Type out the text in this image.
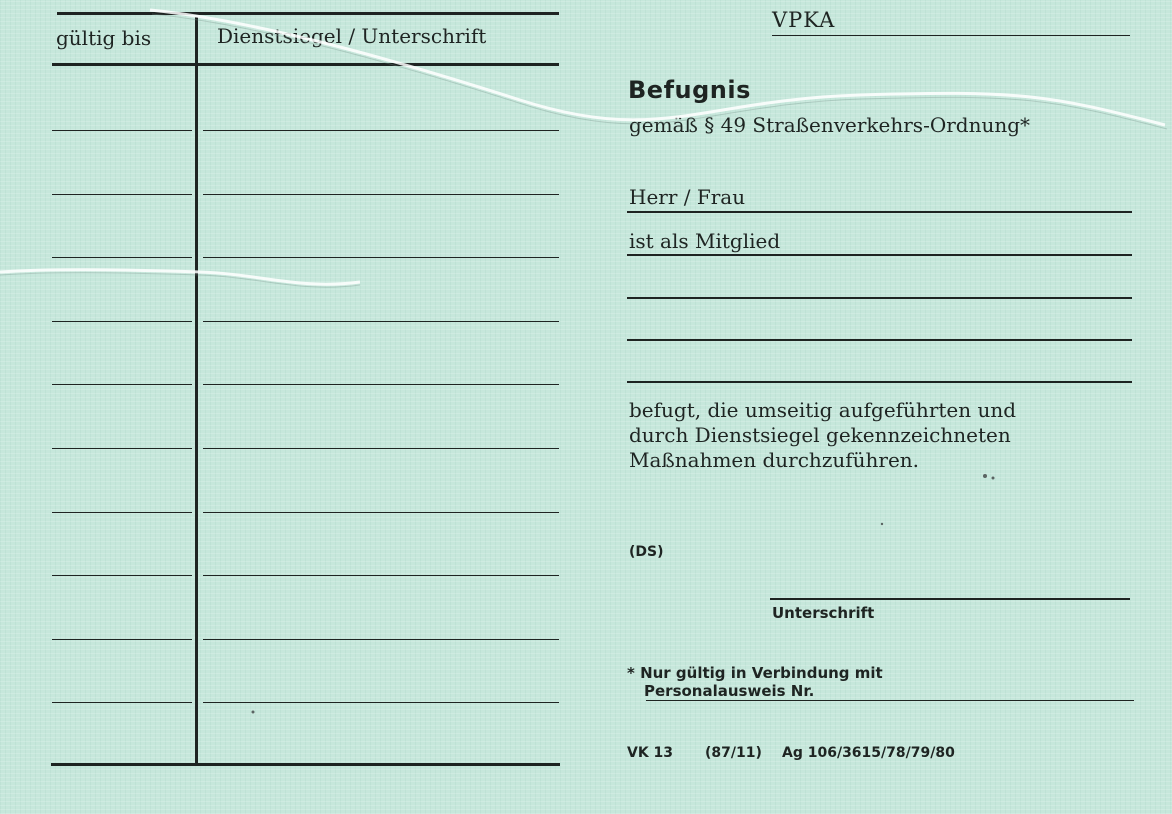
gültig bis	Dienstsiegel / Unterschrift
VPKA
Befugnis
gemäß § 49 Straßenverkehrs-Ordnung*
Herr / Frau
ist als Mitglied
befugt, die umseitig aufgeführten und
durch Dienstsiegel gekennzeichneten
Maßnahmen durchzuführen.
(DS)
Unterschrift
* Nur gültig in Verbindung mit
Personalausweis Nr.
VK 13 (87/11) Ag 106/3615/78/79/80
